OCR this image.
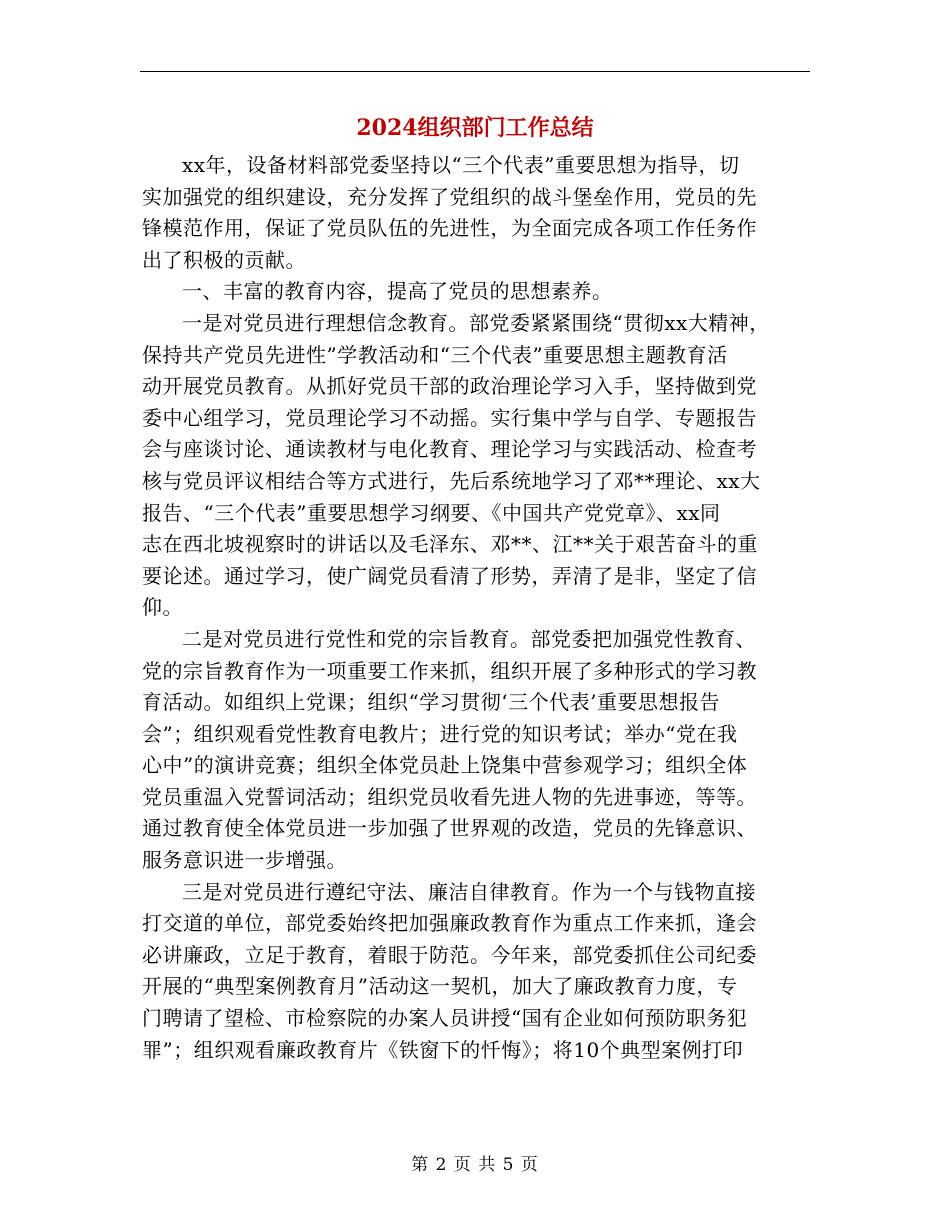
2024组织部门工作总结
xx年，设备材料部党委坚持以“三个代表”重要思想为指导，切
实加强党的组织建设，充分发挥了党组织的战斗堡垒作用，党员的先
锋模范作用，保证了党员队伍的先进性，为全面完成各项工作任务作
出了积极的贡献。
一、丰富的教育内容，提高了党员的思想素养。
一是对党员进行理想信念教育。部党委紧紧围绕“贯彻xx大精神，
保持共产党员先进性”学教活动和“三个代表”重要思想主题教育活
动开展党员教育。从抓好党员干部的政治理论学习入手，坚持做到党
委中心组学习，党员理论学习不动摇。实行集中学与自学、专题报告
会与座谈讨论、通读教材与电化教育、理论学习与实践活动、检查考
核与党员评议相结合等方式进行，先后系统地学习了邓**理论、xx大
报告、“三个代表”重要思想学习纲要、《中国共产党党章》、xx同
志在西北坡视察时的讲话以及毛泽东、邓**、江**关于艰苦奋斗的重
要论述。通过学习，使广阔党员看清了形势，弄清了是非，坚定了信
仰。
二是对党员进行党性和党的宗旨教育。部党委把加强党性教育、
党的宗旨教育作为一项重要工作来抓，组织开展了多种形式的学习教
育活动。如组织上党课；组织“学习贯彻‘三个代表’重要思想报告
会”；组织观看党性教育电教片；进行党的知识考试；举办“党在我
心中”的演讲竞赛；组织全体党员赴上饶集中营参观学习；组织全体
党员重温入党誓词活动；组织党员收看先进人物的先进事迹，等等。
通过教育使全体党员进一步加强了世界观的改造，党员的先锋意识、
服务意识进一步增强。
三是对党员进行遵纪守法、廉洁自律教育。作为一个与钱物直接
打交道的单位，部党委始终把加强廉政教育作为重点工作来抓，逢会
必讲廉政，立足于教育，着眼于防范。今年来，部党委抓住公司纪委
开展的“典型案例教育月”活动这一契机，加大了廉政教育力度，专
门聘请了望检、市检察院的办案人员讲授“国有企业如何预防职务犯
罪”；组织观看廉政教育片《铁窗下的忏悔》；将10个典型案例打印
第 2 页 共 5 页
